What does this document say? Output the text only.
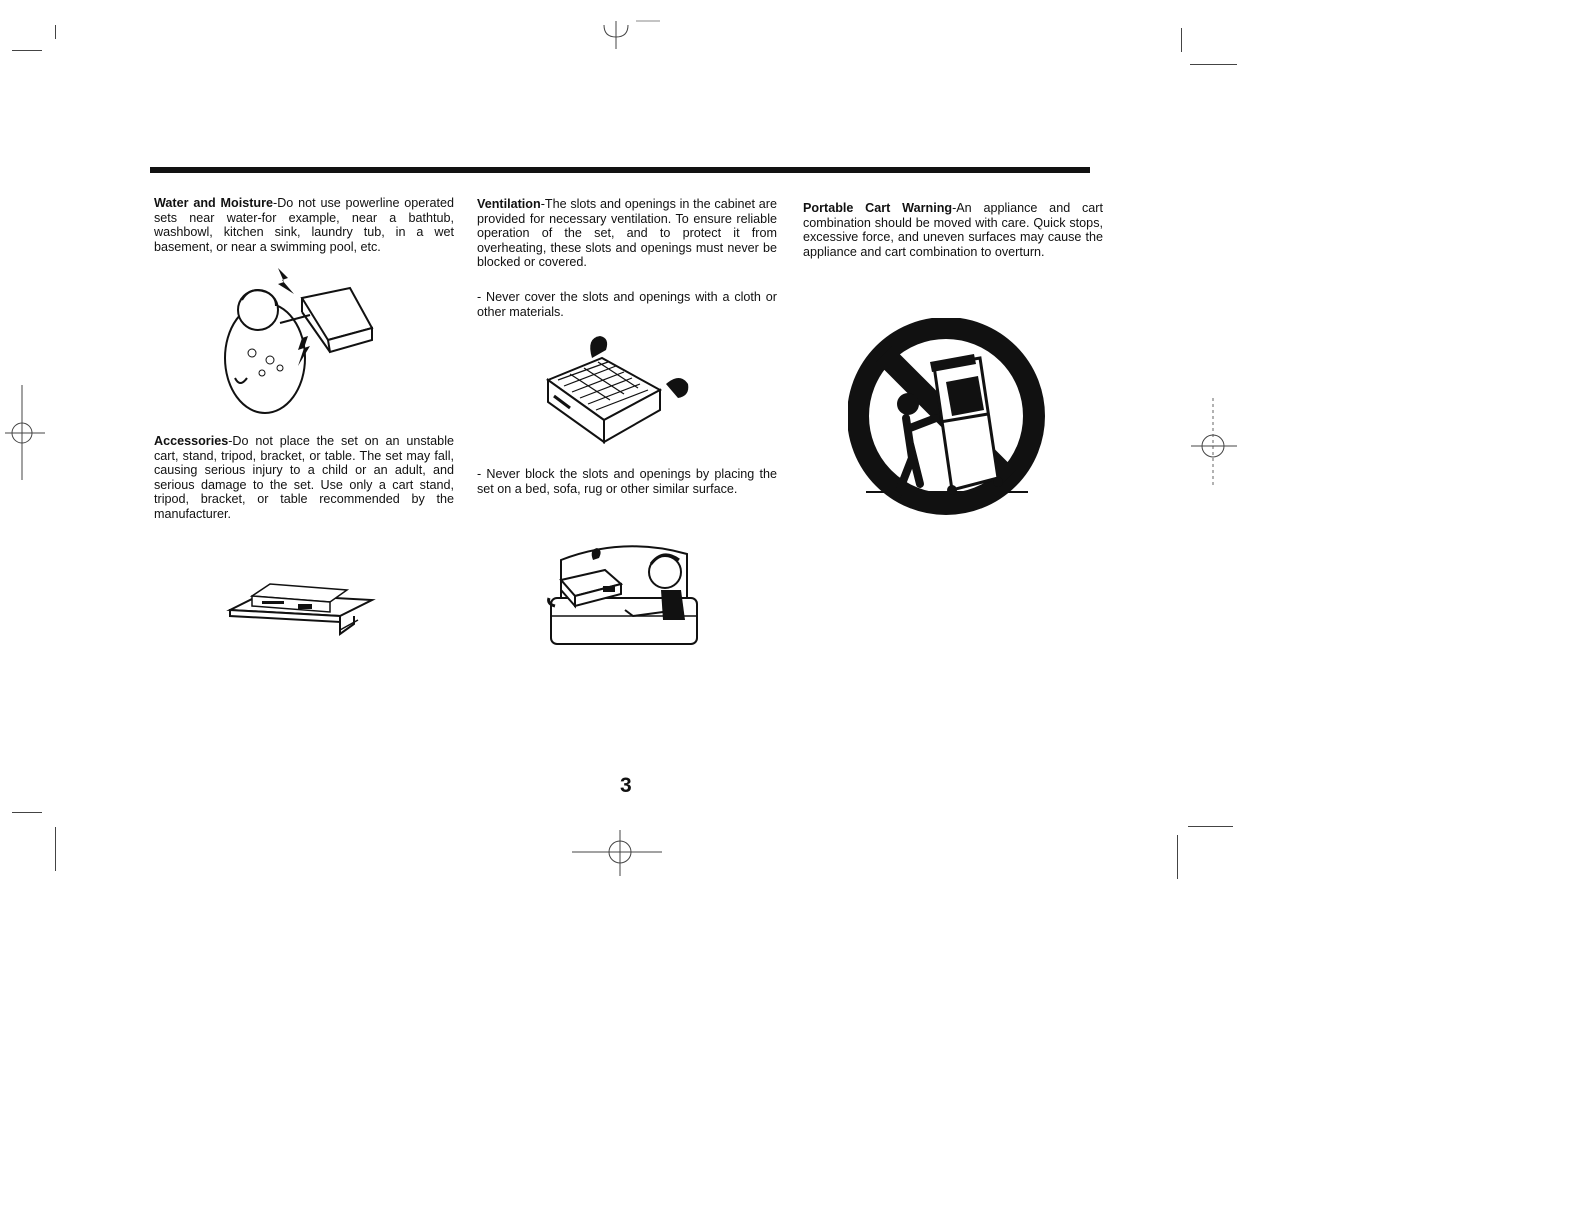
Water and Moisture-Do not use powerline operated sets near water-for example, near a bathtub, washbowl, kitchen sink, laundry tub, in a wet basement, or near a swimming pool, etc.

Accessories-Do not place the set on an unstable cart, stand, tripod, bracket, or table. The set may fall, causing serious injury to a child or an adult, and serious damage to the set. Use only a cart stand, tripod, bracket, or table recommended by the manufacturer.

Ventilation-The slots and openings in the cabinet are provided for necessary ventilation. To ensure reliable operation of the set, and to protect it from overheating, these slots and openings must never be blocked or covered.

- Never cover the slots and openings with a cloth or other materials.

- Never block the slots and openings by placing the set on a bed, sofa, rug or other similar surface.

Portable Cart Warning-An appliance and cart combination should be moved with care. Quick stops, excessive force, and uneven surfaces may cause the appliance and cart combination to overturn.

3
